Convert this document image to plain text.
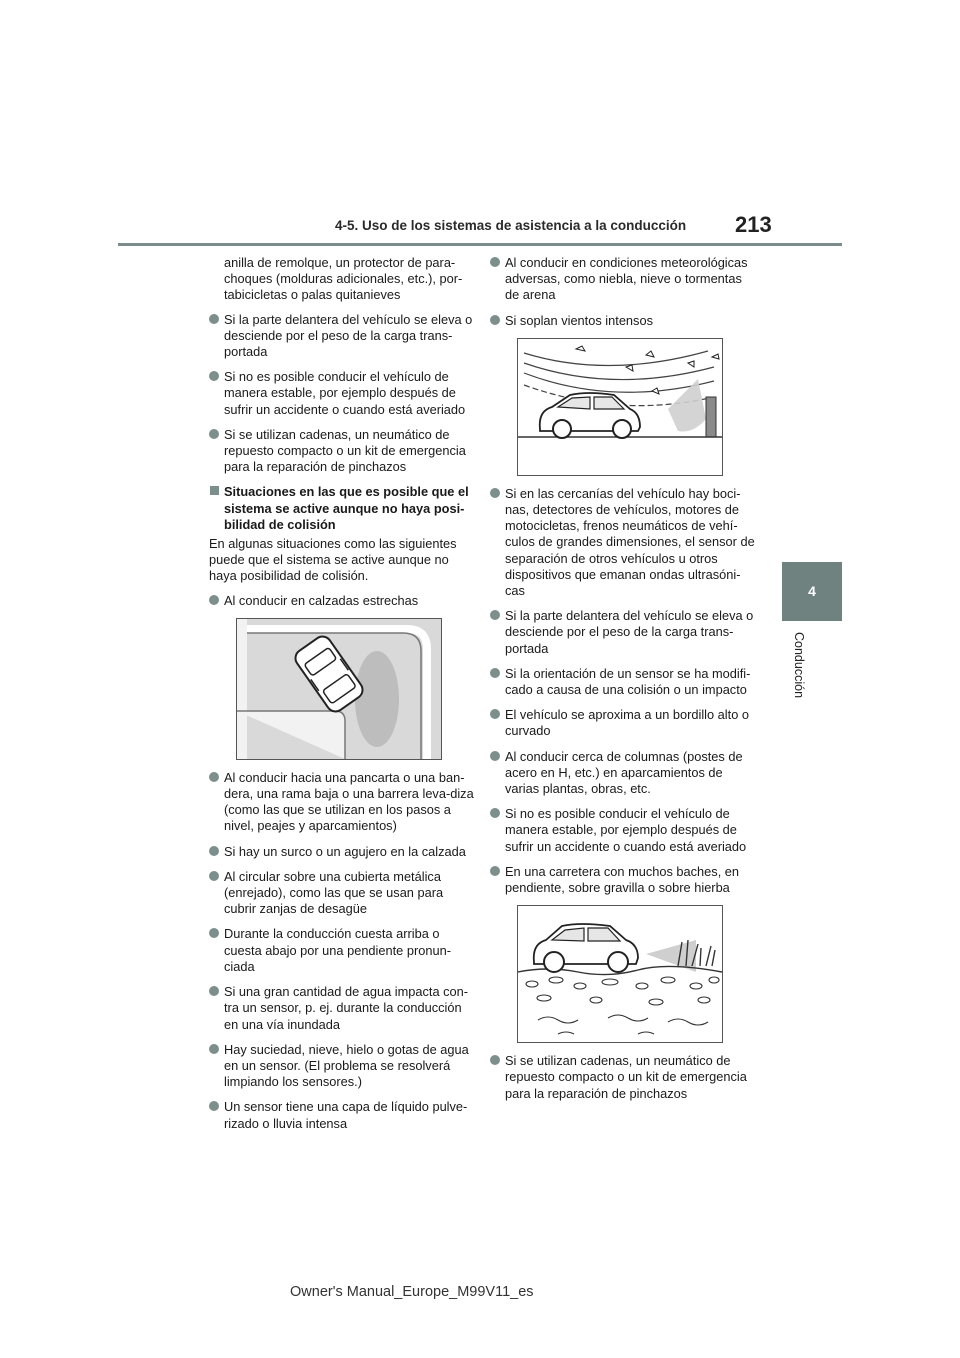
4-5. Uso de los sistemas de asistencia a la conducción 213
4
Conducción

anilla de remolque, un protector de para-choques (molduras adicionales, etc.), por-tabicicletas o palas quitanieves

Si la parte delantera del vehículo se eleva o desciende por el peso de la carga trans-portada
Si no es posible conducir el vehículo de manera estable, por ejemplo después de sufrir un accidente o cuando está averiado
Si se utilizan cadenas, un neumático de repuesto compacto o un kit de emergencia para la reparación de pinchazos
Situaciones en las que es posible que el sistema se active aunque no haya posi-bilidad de colisión

En algunas situaciones como las siguientes puede que el sistema se active aunque no haya posibilidad de colisión.

Al conducir en calzadas estrechas
Al conducir hacia una pancarta o una ban-dera, una rama baja o una barrera leva-diza (como las que se utilizan en los pasos a nivel, peajes y aparcamientos)
Si hay un surco o un agujero en la calzada
Al circular sobre una cubierta metálica (enrejado), como las que se usan para cubrir zanjas de desagüe
Durante la conducción cuesta arriba o cuesta abajo por una pendiente pronun-ciada
Si una gran cantidad de agua impacta con-tra un sensor, p. ej. durante la conducción en una vía inundada
Hay suciedad, nieve, hielo o gotas de agua en un sensor. (El problema se resolverá limpiando los sensores.)
Un sensor tiene una capa de líquido pulve-rizado o lluvia intensa
Al conducir en condiciones meteorológicas adversas, como niebla, nieve o tormentas de arena
Si soplan vientos intensos
Si en las cercanías del vehículo hay boci-nas, detectores de vehículos, motores de motocicletas, frenos neumáticos de vehí-culos de grandes dimensiones, el sensor de separación de otros vehículos u otros dispositivos que emanan ondas ultrasóni-cas
Si la parte delantera del vehículo se eleva o desciende por el peso de la carga trans-portada
Si la orientación de un sensor se ha modifi-cado a causa de una colisión o un impacto
El vehículo se aproxima a un bordillo alto o curvado
Al conducir cerca de columnas (postes de acero en H, etc.) en aparcamientos de varias plantas, obras, etc.
Si no es posible conducir el vehículo de manera estable, por ejemplo después de sufrir un accidente o cuando está averiado
En una carretera con muchos baches, en pendiente, sobre gravilla o sobre hierba
Si se utilizan cadenas, un neumático de repuesto compacto o un kit de emergencia para la reparación de pinchazos
Owner's Manual_Europe_M99V11_es
